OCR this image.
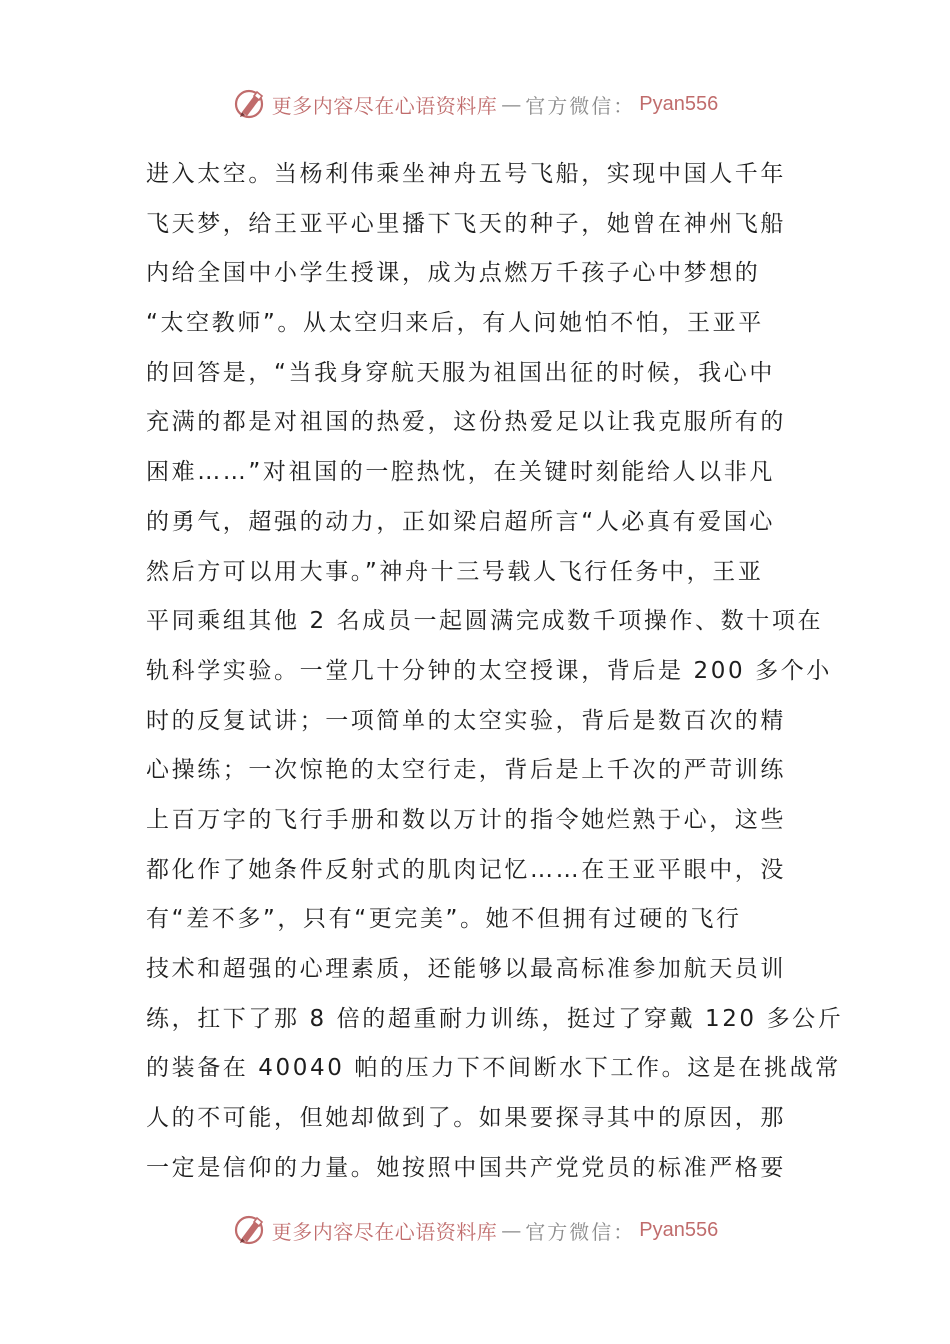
更多内容尽在心语资料库 — 官方微信： Pyan556
进入太空。当杨利伟乘坐神舟五号飞船，实现中国人千年
飞天梦，给王亚平心里播下飞天的种子，她曾在神州飞船
内给全国中小学生授课，成为点燃万千孩子心中梦想的
“太空教师”。从太空归来后，有人问她怕不怕，王亚平
的回答是，“当我身穿航天服为祖国出征的时候，我心中
充满的都是对祖国的热爱，这份热爱足以让我克服所有的
困难……”对祖国的一腔热忱，在关键时刻能给人以非凡
的勇气，超强的动力，正如梁启超所言“人必真有爱国心
然后方可以用大事。”神舟十三号载人飞行任务中，王亚
平同乘组其他 2 名成员一起圆满完成数千项操作、数十项在
轨科学实验。一堂几十分钟的太空授课，背后是 200 多个小
时的反复试讲；一项简单的太空实验，背后是数百次的精
心操练；一次惊艳的太空行走，背后是上千次的严苛训练
上百万字的飞行手册和数以万计的指令她烂熟于心，这些
都化作了她条件反射式的肌肉记忆……在王亚平眼中，没
有“差不多”，只有“更完美”。她不但拥有过硬的飞行
技术和超强的心理素质，还能够以最高标准参加航天员训
练，扛下了那 8 倍的超重耐力训练，挺过了穿戴 120 多公斤
的装备在 40040 帕的压力下不间断水下工作。这是在挑战常
人的不可能，但她却做到了。如果要探寻其中的原因，那
一定是信仰的力量。她按照中国共产党党员的标准严格要
更多内容尽在心语资料库 — 官方微信： Pyan556
